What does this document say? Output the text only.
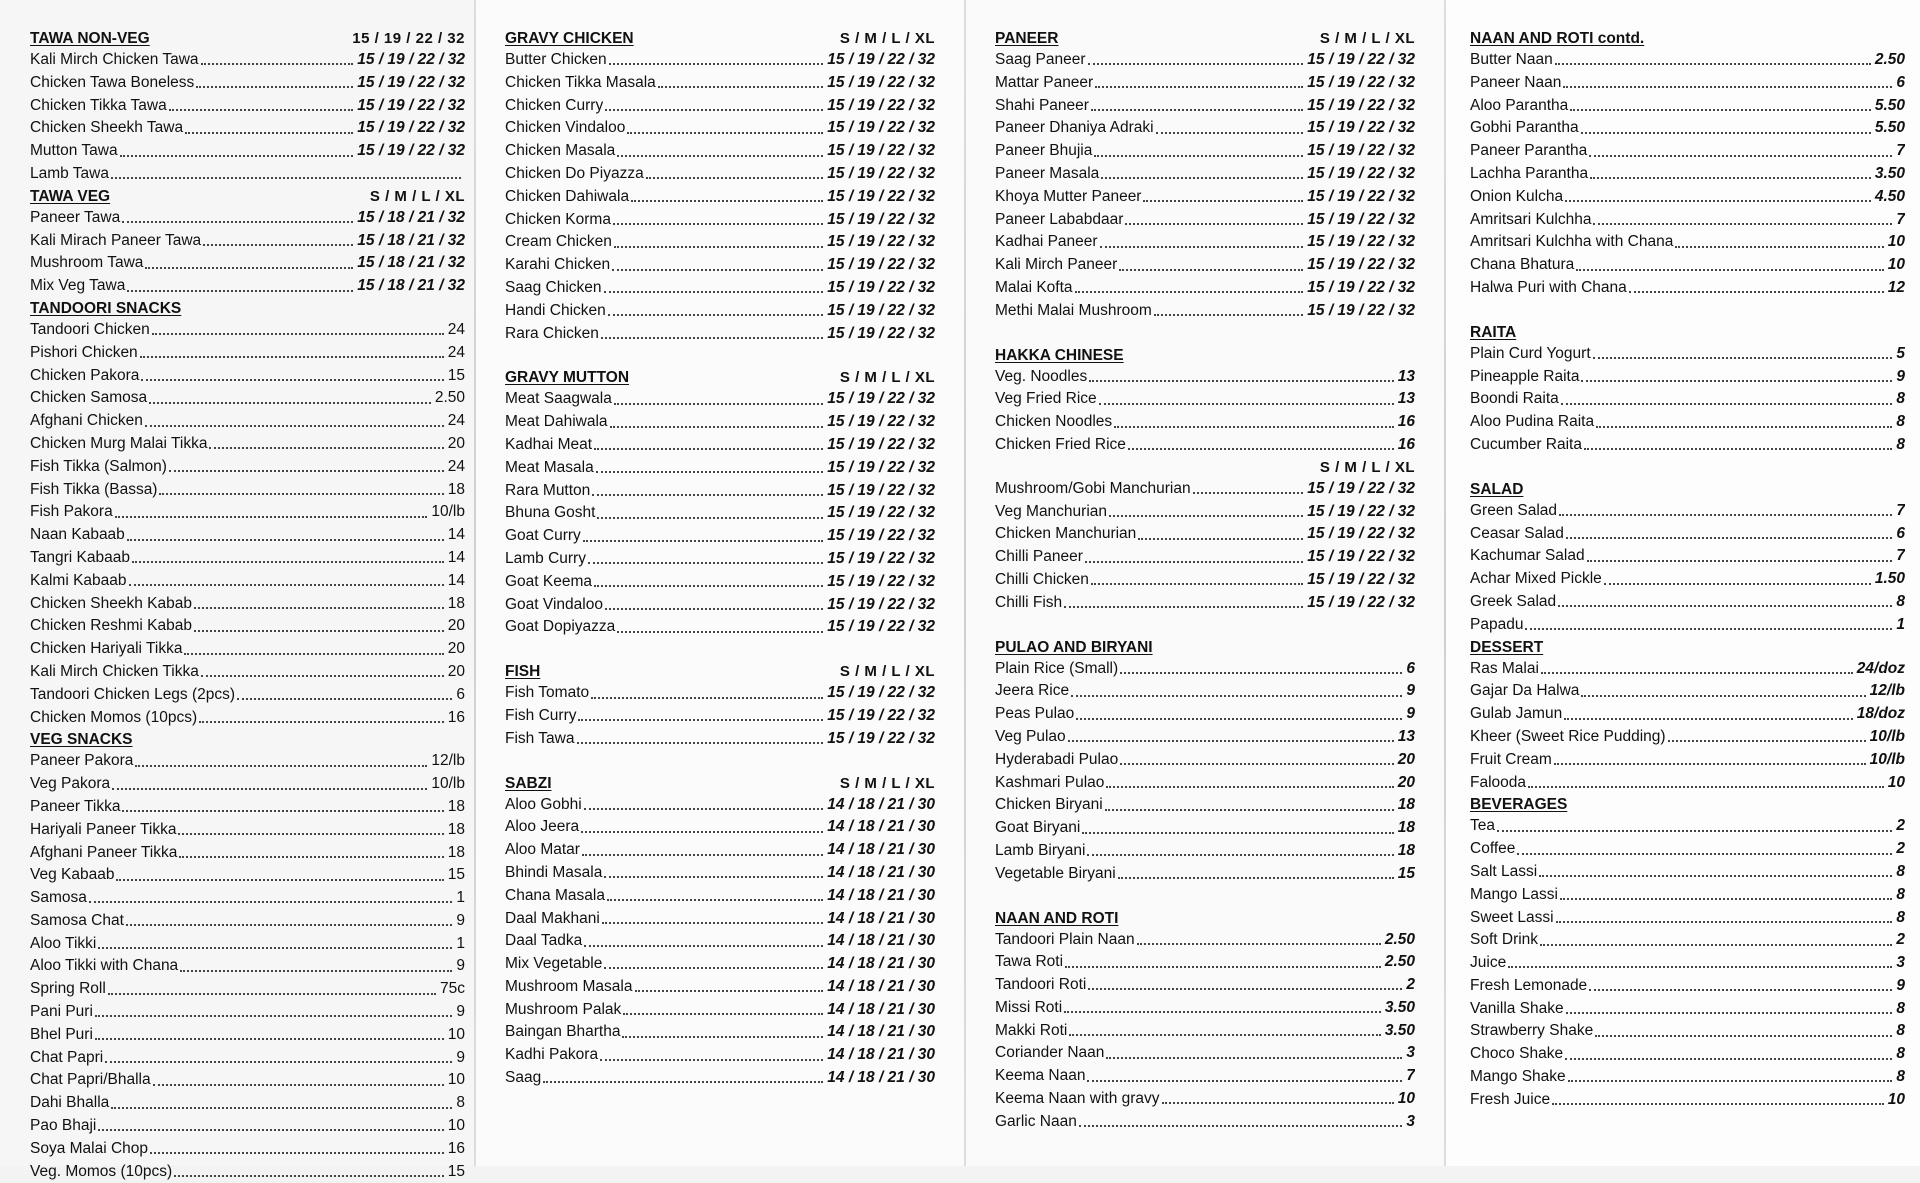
TAWA NON-VEG	15 / 19 / 22 / 32
Kali Mirch Chicken Tawa	15 / 19 / 22 / 32
Chicken Tawa Boneless	15 / 19 / 22 / 32
Chicken Tikka Tawa	15 / 19 / 22 / 32
Chicken Sheekh Tawa	15 / 19 / 22 / 32
Mutton Tawa	15 / 19 / 22 / 32
Lamb Tawa
TAWA VEG	S / M / L / XL
Paneer Tawa	15 / 18 / 21 / 32
Kali Mirach Paneer Tawa	15 / 18 / 21 / 32
Mushroom Tawa	15 / 18 / 21 / 32
Mix Veg Tawa	15 / 18 / 21 / 32
TANDOORI SNACKS
Tandoori Chicken	24
Pishori Chicken	24
Chicken Pakora	15
Chicken Samosa	2.50
Afghani Chicken	24
Chicken Murg Malai Tikka	20
Fish Tikka (Salmon)	24
Fish Tikka (Bassa)	18
Fish Pakora	10/lb
Naan Kabaab	14
Tangri Kabaab	14
Kalmi Kabaab	14
Chicken Sheekh Kabab	18
Chicken Reshmi Kabab	20
Chicken Hariyali Tikka	20
Kali Mirch Chicken Tikka	20
Tandoori Chicken Legs (2pcs)	6
Chicken Momos (10pcs)	16
VEG SNACKS
Paneer Pakora	12/lb
Veg Pakora	10/lb
Paneer Tikka	18
Hariyali Paneer Tikka	18
Afghani Paneer Tikka	18
Veg Kabaab	15
Samosa	1
Samosa Chat	9
Aloo Tikki	1
Aloo Tikki with Chana	9
Spring Roll	75c
Pani Puri	9
Bhel Puri	10
Chat Papri	9
Chat Papri/Bhalla	10
Dahi Bhalla	8
Pao Bhaji	10
Soya Malai Chop	16
Veg. Momos (10pcs)	15
GRAVY CHICKEN	S / M / L / XL
Butter Chicken	15 / 19 / 22 / 32
Chicken Tikka Masala	15 / 19 / 22 / 32
Chicken Curry	15 / 19 / 22 / 32
Chicken Vindaloo	15 / 19 / 22 / 32
Chicken Masala	15 / 19 / 22 / 32
Chicken Do Piyazza	15 / 19 / 22 / 32
Chicken Dahiwala	15 / 19 / 22 / 32
Chicken Korma	15 / 19 / 22 / 32
Cream Chicken	15 / 19 / 22 / 32
Karahi Chicken	15 / 19 / 22 / 32
Saag Chicken	15 / 19 / 22 / 32
Handi Chicken	15 / 19 / 22 / 32
Rara Chicken	15 / 19 / 22 / 32
GRAVY MUTTON	S / M / L / XL
Meat Saagwala	15 / 19 / 22 / 32
Meat Dahiwala	15 / 19 / 22 / 32
Kadhai Meat	15 / 19 / 22 / 32
Meat Masala	15 / 19 / 22 / 32
Rara Mutton	15 / 19 / 22 / 32
Bhuna Gosht	15 / 19 / 22 / 32
Goat Curry	15 / 19 / 22 / 32
Lamb Curry	15 / 19 / 22 / 32
Goat Keema	15 / 19 / 22 / 32
Goat Vindaloo	15 / 19 / 22 / 32
Goat Dopiyazza	15 / 19 / 22 / 32
FISH	S / M / L / XL
Fish Tomato	15 / 19 / 22 / 32
Fish Curry	15 / 19 / 22 / 32
Fish Tawa	15 / 19 / 22 / 32
SABZI	S / M / L / XL
Aloo Gobhi	14 / 18 / 21 / 30
Aloo Jeera	14 / 18 / 21 / 30
Aloo Matar	14 / 18 / 21 / 30
Bhindi Masala	14 / 18 / 21 / 30
Chana Masala	14 / 18 / 21 / 30
Daal Makhani	14 / 18 / 21 / 30
Daal Tadka	14 / 18 / 21 / 30
Mix Vegetable	14 / 18 / 21 / 30
Mushroom Masala	14 / 18 / 21 / 30
Mushroom Palak	14 / 18 / 21 / 30
Baingan Bhartha	14 / 18 / 21 / 30
Kadhi Pakora	14 / 18 / 21 / 30
Saag	14 / 18 / 21 / 30
PANEER	S / M / L / XL
Saag Paneer	15 / 19 / 22 / 32
Mattar Paneer	15 / 19 / 22 / 32
Shahi Paneer	15 / 19 / 22 / 32
Paneer Dhaniya Adraki	15 / 19 / 22 / 32
Paneer Bhujia	15 / 19 / 22 / 32
Paneer Masala	15 / 19 / 22 / 32
Khoya Mutter Paneer	15 / 19 / 22 / 32
Paneer Lababdaar	15 / 19 / 22 / 32
Kadhai Paneer	15 / 19 / 22 / 32
Kali Mirch Paneer	15 / 19 / 22 / 32
Malai Kofta	15 / 19 / 22 / 32
Methi Malai Mushroom	15 / 19 / 22 / 32
HAKKA CHINESE
Veg. Noodles	13
Veg Fried Rice	13
Chicken Noodles	16
Chicken Fried Rice	16
S / M / L / XL
Mushroom/Gobi Manchurian	15 / 19 / 22 / 32
Veg Manchurian	15 / 19 / 22 / 32
Chicken Manchurian	15 / 19 / 22 / 32
Chilli Paneer	15 / 19 / 22 / 32
Chilli Chicken	15 / 19 / 22 / 32
Chilli Fish	15 / 19 / 22 / 32
PULAO AND BIRYANI
Plain Rice (Small)	6
Jeera Rice	9
Peas Pulao	9
Veg Pulao	13
Hyderabadi Pulao	20
Kashmari Pulao	20
Chicken Biryani	18
Goat Biryani	18
Lamb Biryani	18
Vegetable Biryani	15
NAAN AND ROTI
Tandoori Plain Naan	2.50
Tawa Roti	2.50
Tandoori Roti	2
Missi Roti	3.50
Makki Roti	3.50
Coriander Naan	3
Keema Naan	7
Keema Naan with gravy	10
Garlic Naan	3
NAAN AND ROTI contd.
Butter Naan	2.50
Paneer Naan	6
Aloo Parantha	5.50
Gobhi Parantha	5.50
Paneer Parantha	7
Lachha Parantha	3.50
Onion Kulcha	4.50
Amritsari Kulchha	7
Amritsari Kulchha with Chana	10
Chana Bhatura	10
Halwa Puri with Chana	12
RAITA
Plain Curd Yogurt	5
Pineapple Raita	9
Boondi Raita	8
Aloo Pudina Raita	8
Cucumber Raita	8
SALAD
Green Salad	7
Ceasar Salad	6
Kachumar Salad	7
Achar Mixed Pickle	1.50
Greek Salad	8
Papadu	1
DESSERT
Ras Malai	24/doz
Gajar Da Halwa	12/lb
Gulab Jamun	18/doz
Kheer (Sweet Rice Pudding)	10/lb
Fruit Cream	10/lb
Falooda	10
BEVERAGES
Tea	2
Coffee	2
Salt Lassi	8
Mango Lassi	8
Sweet Lassi	8
Soft Drink	2
Juice	3
Fresh Lemonade	9
Vanilla Shake	8
Strawberry Shake	8
Choco Shake	8
Mango Shake	8
Fresh Juice	10
